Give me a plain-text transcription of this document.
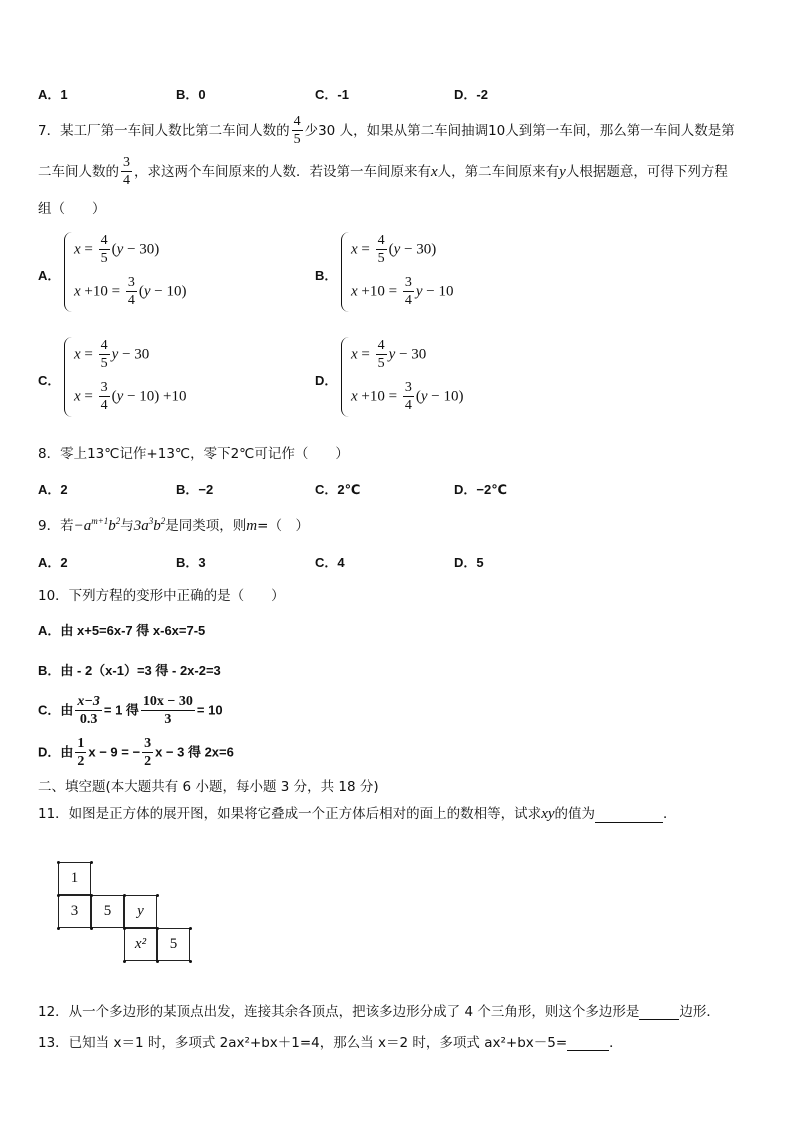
A．1	B．0	C．-1	D．-2
7．某工厂第一车间人数比第二车间人数的 $\frac{4}{5}$ 少30 人，如果从第二车间抽调10人到第一车间，那么第一车间人数是第
二车间人数的 $\frac{3}{4}$ ，求这两个车间原来的人数．若设第一车间原来有x人，第二车间原来有y人根据题意，可得下列方程
组（　　）
A．
$x = \frac{4}{5} (y - 30)$
$x +10 = \frac{3}{4} (y - 10)$
B．
$x = \frac{4}{5} (y - 30)$
$x +10 = \frac{3}{4}$ y − 10
C．
$x = \frac{4}{5}$ y − 30
$x = \frac{3}{4} (y - 10) +10$
D．
$x = \frac{4}{5}$ y − 30
$x +10 = \frac{3}{4} (y - 10)$
8．零上13℃记作+13℃，零下2℃可记作（　　）
A．2	B．−2	C．2℃	D．−2℃
9．若$-a^{m+1}b^2$与$3a^3b^2$是同类项，则m=（　）
A．2	B．3	C．4	D．5
10．下列方程的变形中正确的是（　　）
A．由 x+5=6x-7 得 x-6x=7-5
B．由 - 2（x-1）=3 得 - 2x-2=3
C．由 $\frac{x-3}{0.3} = 1$ 得 $\frac{10x - 30}{3} = 10$
D．由 $\frac{1}{2}$ x − 9 = − $\frac{3}{2}$ x − 3 得 2x=6
二、填空题(本大题共有 6 小题，每小题 3 分，共 18 分)
11．如图是正方体的展开图，如果将它叠成一个正方体后相对的面上的数相等，试求xy的值为	．
1
3	5	y
x²	5
12．从一个多边形的某顶点出发，连接其余各顶点，把该多边形分成了 4 个三角形，则这个多边形是	边形．
13．已知当 x＝1 时，多项式 2ax²+bx＋1=4，那么当 x＝2 时，多项式 ax²+bx－5=	．
